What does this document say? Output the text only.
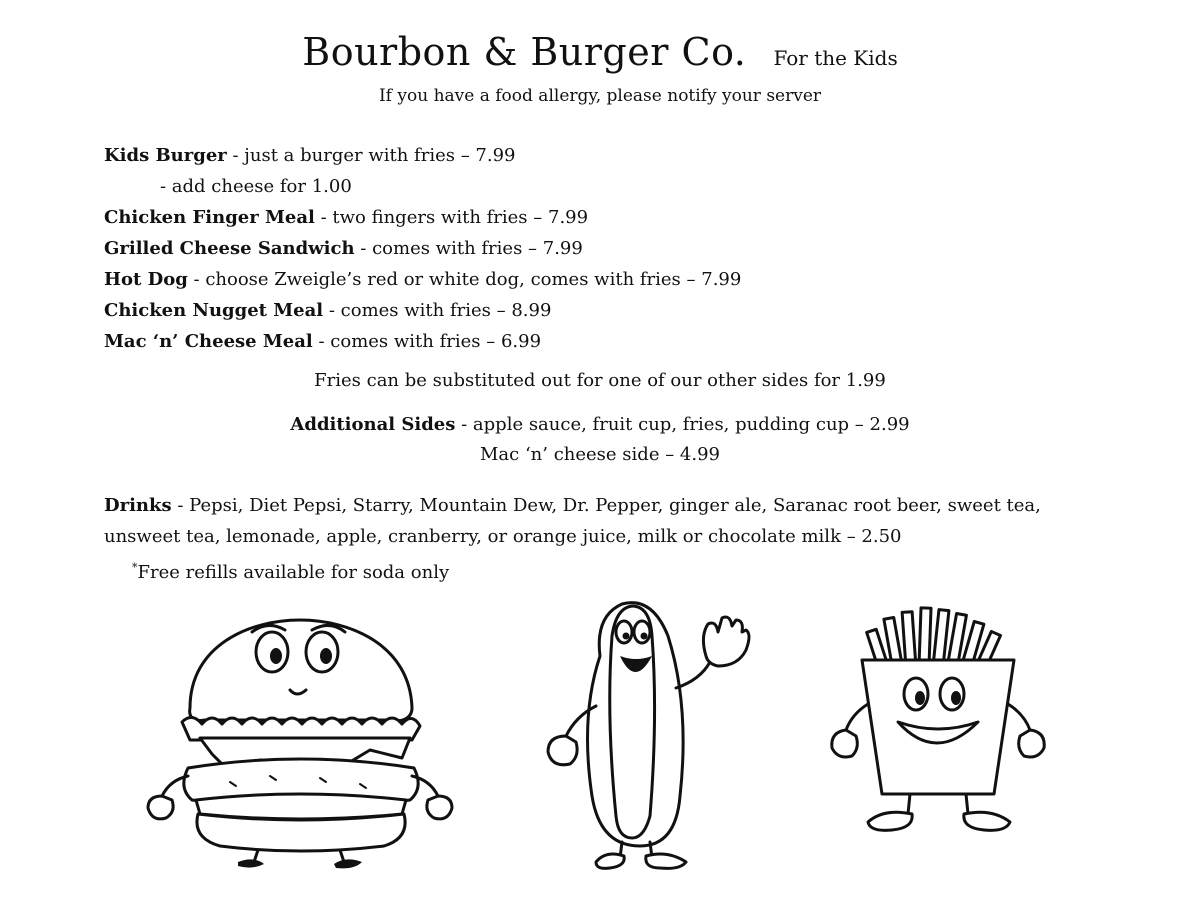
Bourbon & Burger Co. For the Kids
If you have a food allergy, please notify your server
Kids Burger - just a burger with fries – 7.99
- add cheese for 1.00
Chicken Finger Meal - two fingers with fries – 7.99
Grilled Cheese Sandwich - comes with fries – 7.99
Hot Dog - choose Zweigle’s red or white dog, comes with fries – 7.99
Chicken Nugget Meal - comes with fries – 8.99
Mac ‘n’ Cheese Meal - comes with fries – 6.99
Fries can be substituted out for one of our other sides for 1.99
Additional Sides - apple sauce, fruit cup, fries, pudding cup – 2.99
Mac ‘n’ cheese side – 4.99
Drinks - Pepsi, Diet Pepsi, Starry, Mountain Dew, Dr. Pepper, ginger ale, Saranac root beer, sweet tea, unsweet tea, lemonade, apple, cranberry, or orange juice, milk or chocolate milk – 2.50
*Free refills available for soda only
